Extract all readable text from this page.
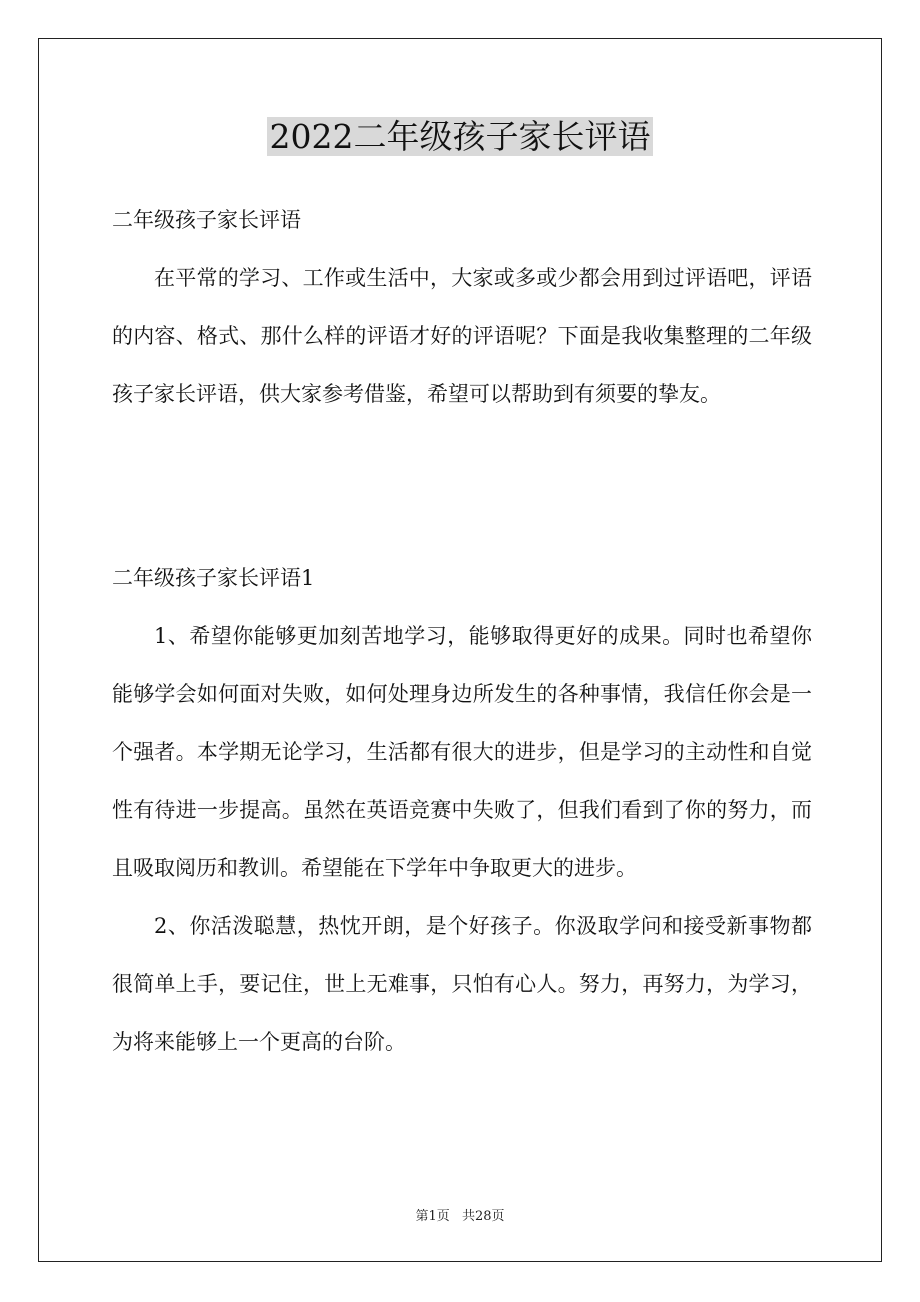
2022二年级孩子家长评语

二年级孩子家长评语

在平常的学习、工作或生活中，大家或多或少都会用到过评语吧，评语的内容、格式、那什么样的评语才好的评语呢？下面是我收集整理的二年级孩子家长评语，供大家参考借鉴，希望可以帮助到有须要的挚友。

二年级孩子家长评语1

1、希望你能够更加刻苦地学习，能够取得更好的成果。同时也希望你能够学会如何面对失败，如何处理身边所发生的各种事情，我信任你会是一个强者。本学期无论学习，生活都有很大的进步，但是学习的主动性和自觉性有待进一步提高。虽然在英语竞赛中失败了，但我们看到了你的努力，而且吸取阅历和教训。希望能在下学年中争取更大的进步。

2、你活泼聪慧，热忱开朗，是个好孩子。你汲取学问和接受新事物都很简单上手，要记住，世上无难事，只怕有心人。努力，再努力，为学习，为将来能够上一个更高的台阶。

第1页 共28页
